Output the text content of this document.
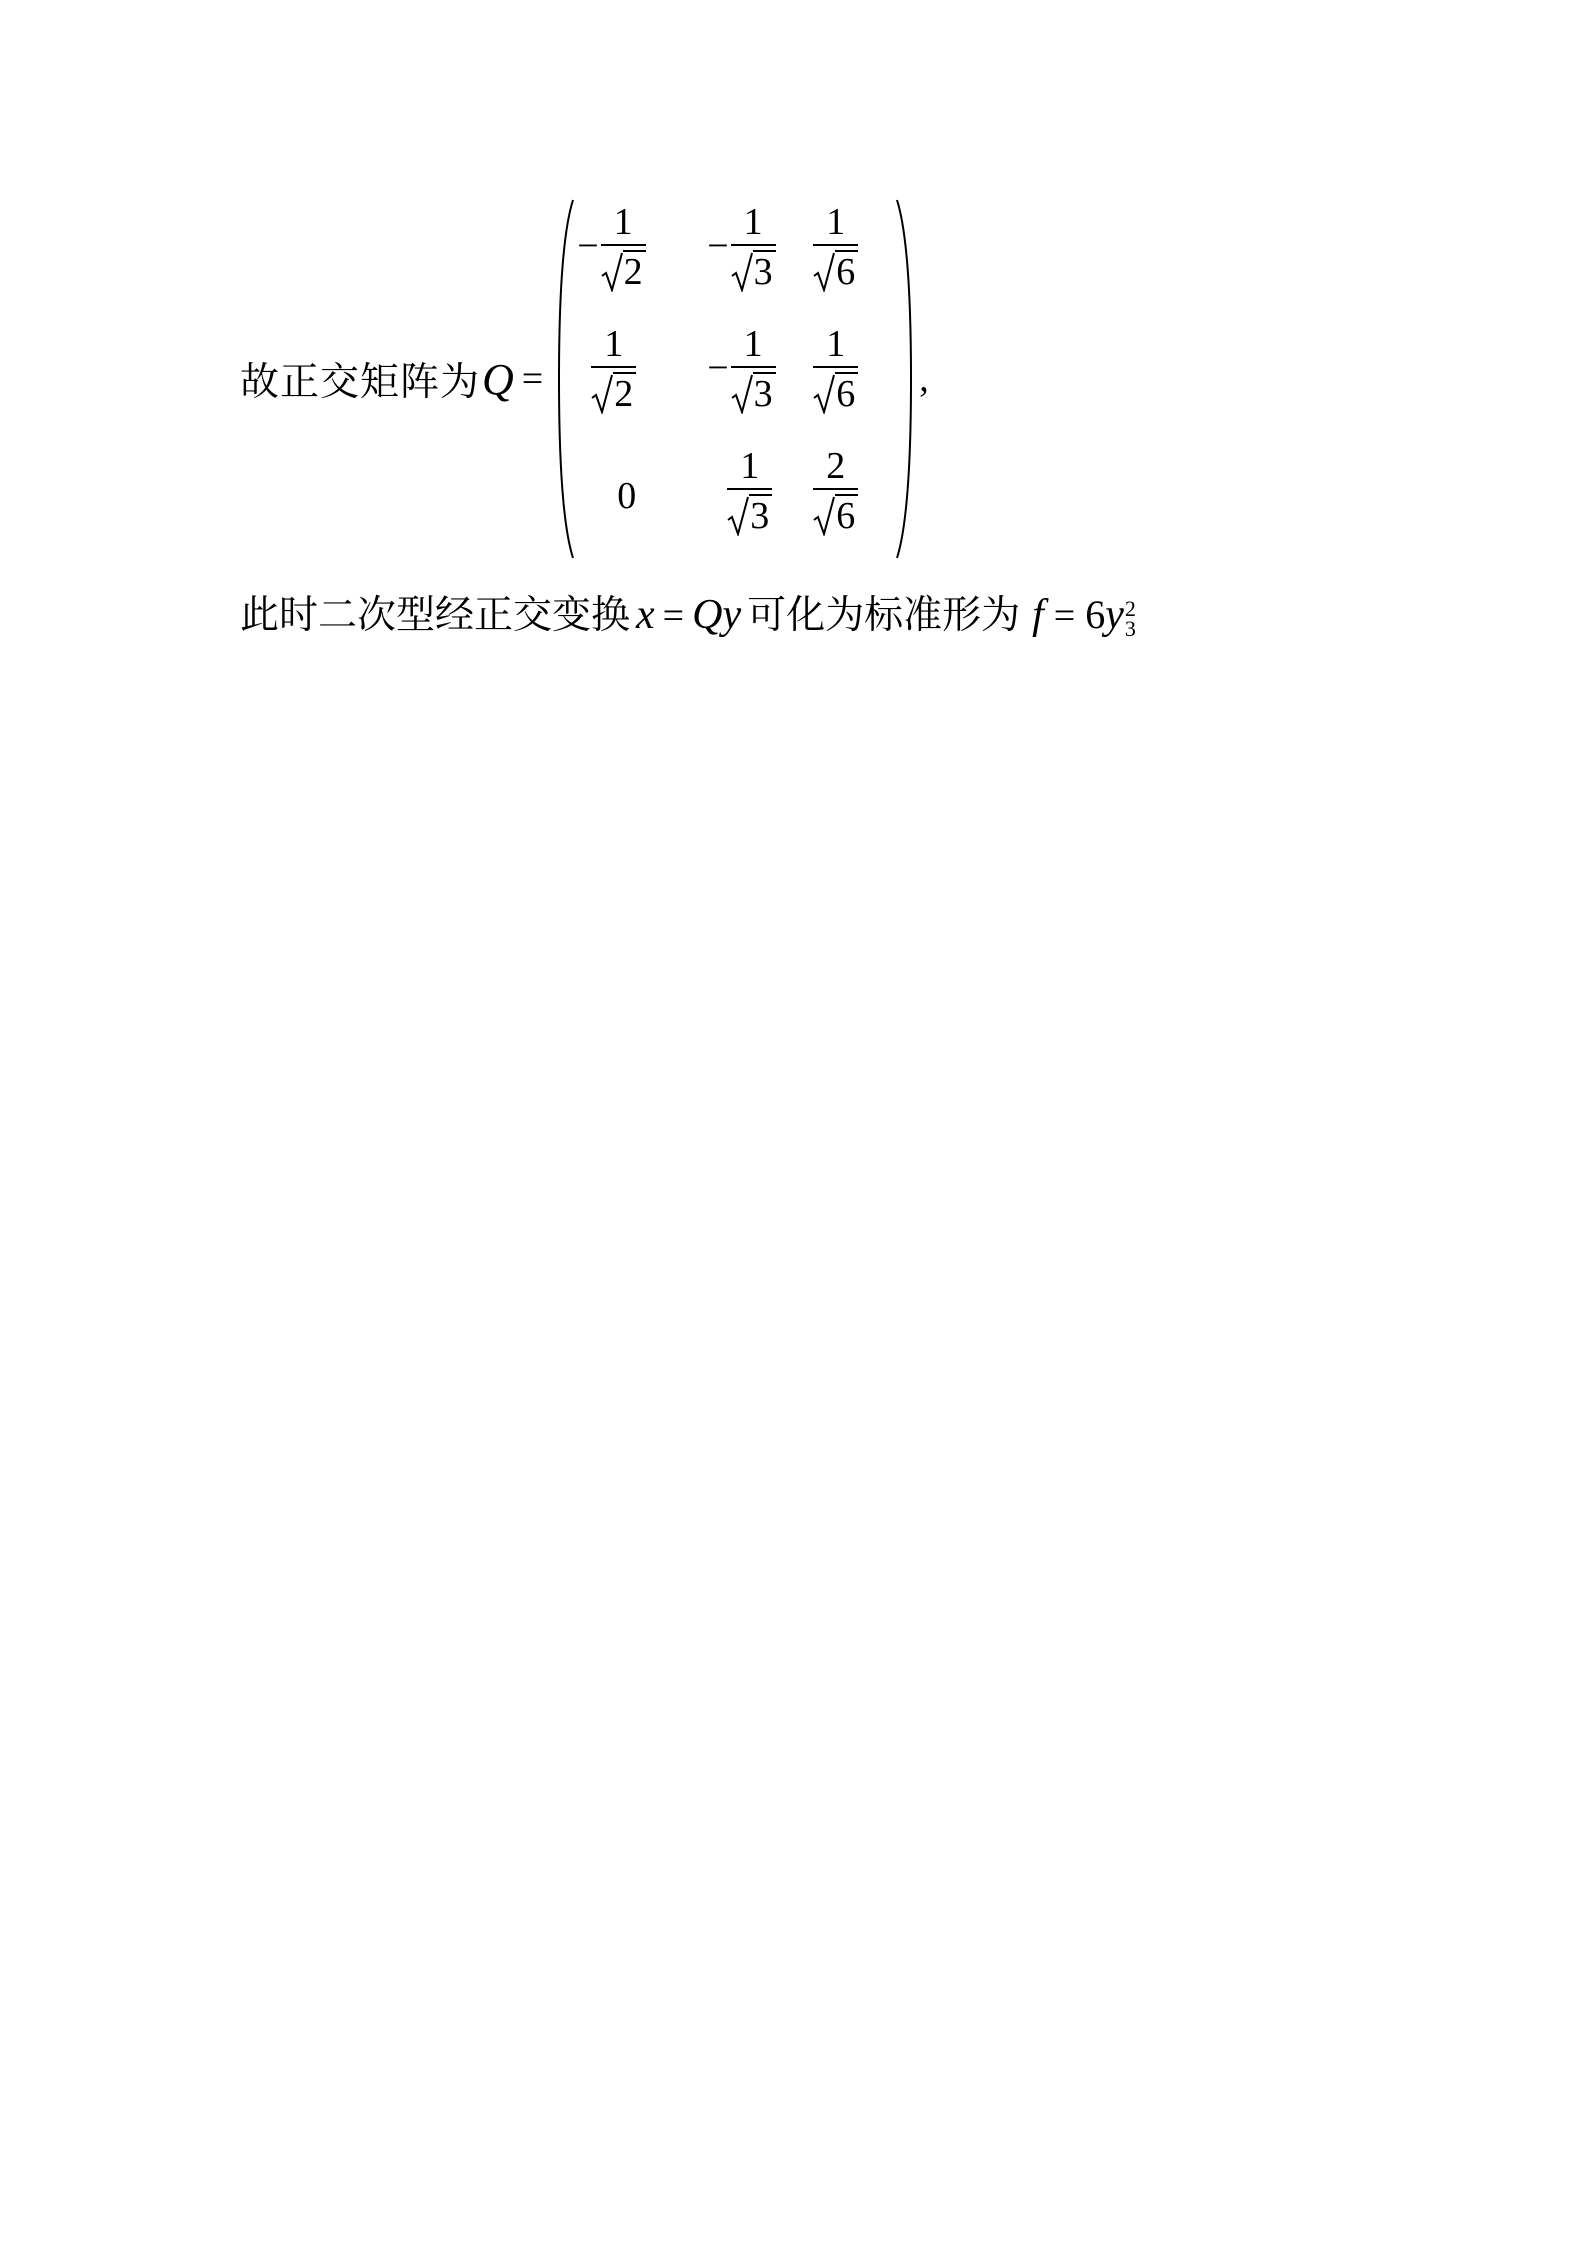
故正交矩阵为 Q =
− $\frac{1}{2} - \frac{1}{3} \frac{1}{6}$
$\frac{1}{2} - \frac{1}{3} \frac{1}{6}$
$0 \frac{1}{3} \frac{2}{6}$
,
此时二次型经正交变换 x = Qy 可化为标准形为 f = 6 y 2
3
